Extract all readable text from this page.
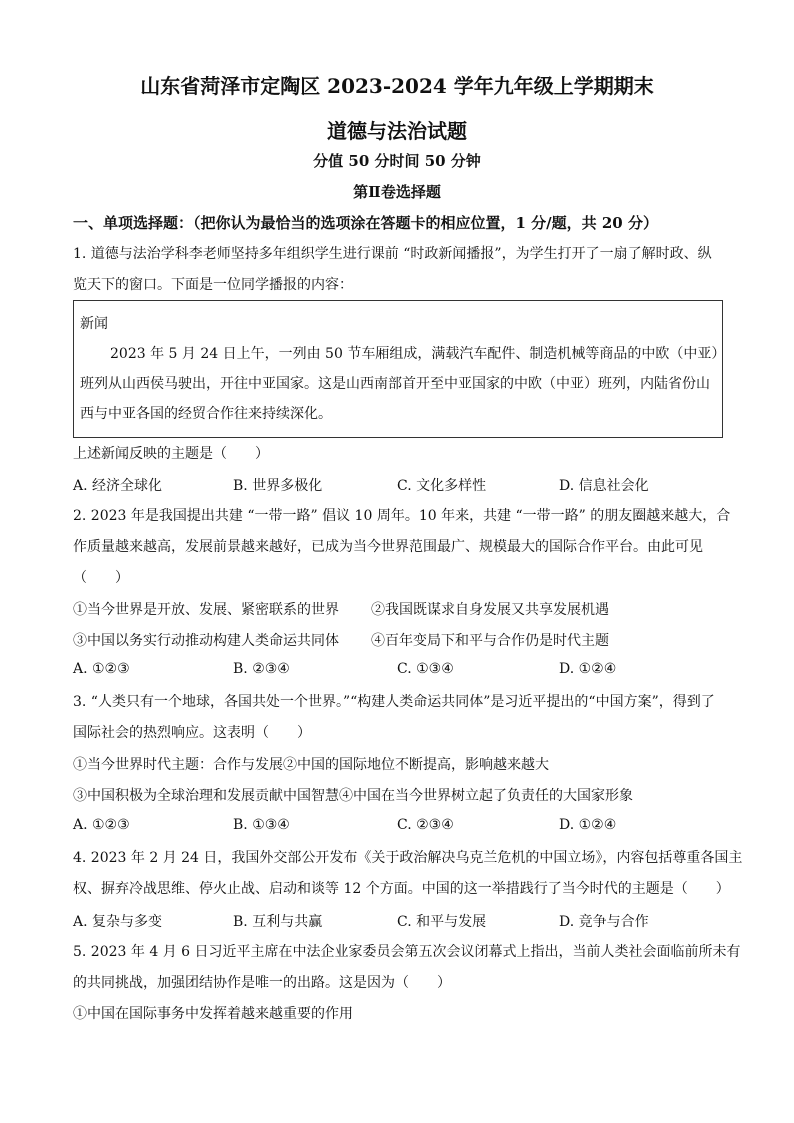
山东省菏泽市定陶区 2023-2024 学年九年级上学期期末
道德与法治试题
分值 50 分时间 50 分钟
第Ⅱ卷选择题
一、单项选择题：（把你认为最恰当的选项涂在答题卡的相应位置，1 分/题，共 20 分）
1. 道德与法治学科李老师坚持多年组织学生进行课前 “时政新闻播报”，为学生打开了一扇了解时政、纵
览天下的窗口。下面是一位同学播报的内容：
新闻
2023 年 5 月 24 日上午，一列由 50 节车厢组成，满载汽车配件、制造机械等商品的中欧（中亚）
班列从山西侯马驶出，开往中亚国家。这是山西南部首开至中亚国家的中欧（中亚）班列，内陆省份山
西与中亚各国的经贸合作往来持续深化。
上述新闻反映的主题是（　　）
A. 经济全球化	B. 世界多极化	C. 文化多样性	D. 信息社会化
2. 2023 年是我国提出共建 “一带一路” 倡议 10 周年。10 年来，共建 “一带一路” 的朋友圈越来越大，合
作质量越来越高，发展前景越来越好，已成为当今世界范围最广、规模最大的国际合作平台。由此可见
（　　）
①当今世界是开放、发展、紧密联系的世界 ②我国既谋求自身发展又共享发展机遇
③中国以务实行动推动构建人类命运共同体 ④百年变局下和平与合作仍是时代主题
A. ①②③	B. ②③④	C. ①③④	D. ①②④
3. “人类只有一个地球，各国共处一个世界。”“构建人类命运共同体”是习近平提出的“中国方案”，得到了
国际社会的热烈响应。这表明（　　）
①当今世界时代主题：合作与发展②中国的国际地位不断提高，影响越来越大
③中国积极为全球治理和发展贡献中国智慧④中国在当今世界树立起了负责任的大国家形象
A. ①②③	B. ①③④	C. ②③④	D. ①②④
4. 2023 年 2 月 24 日，我国外交部公开发布《关于政治解决乌克兰危机的中国立场》，内容包括尊重各国主
权、摒弃冷战思维、停火止战、启动和谈等 12 个方面。中国的这一举措践行了当今时代的主题是（　　）
A. 复杂与多变	B. 互利与共赢	C. 和平与发展	D. 竞争与合作
5. 2023 年 4 月 6 日习近平主席在中法企业家委员会第五次会议闭幕式上指出，当前人类社会面临前所未有
的共同挑战，加强团结协作是唯一的出路。这是因为（　　）
①中国在国际事务中发挥着越来越重要的作用
